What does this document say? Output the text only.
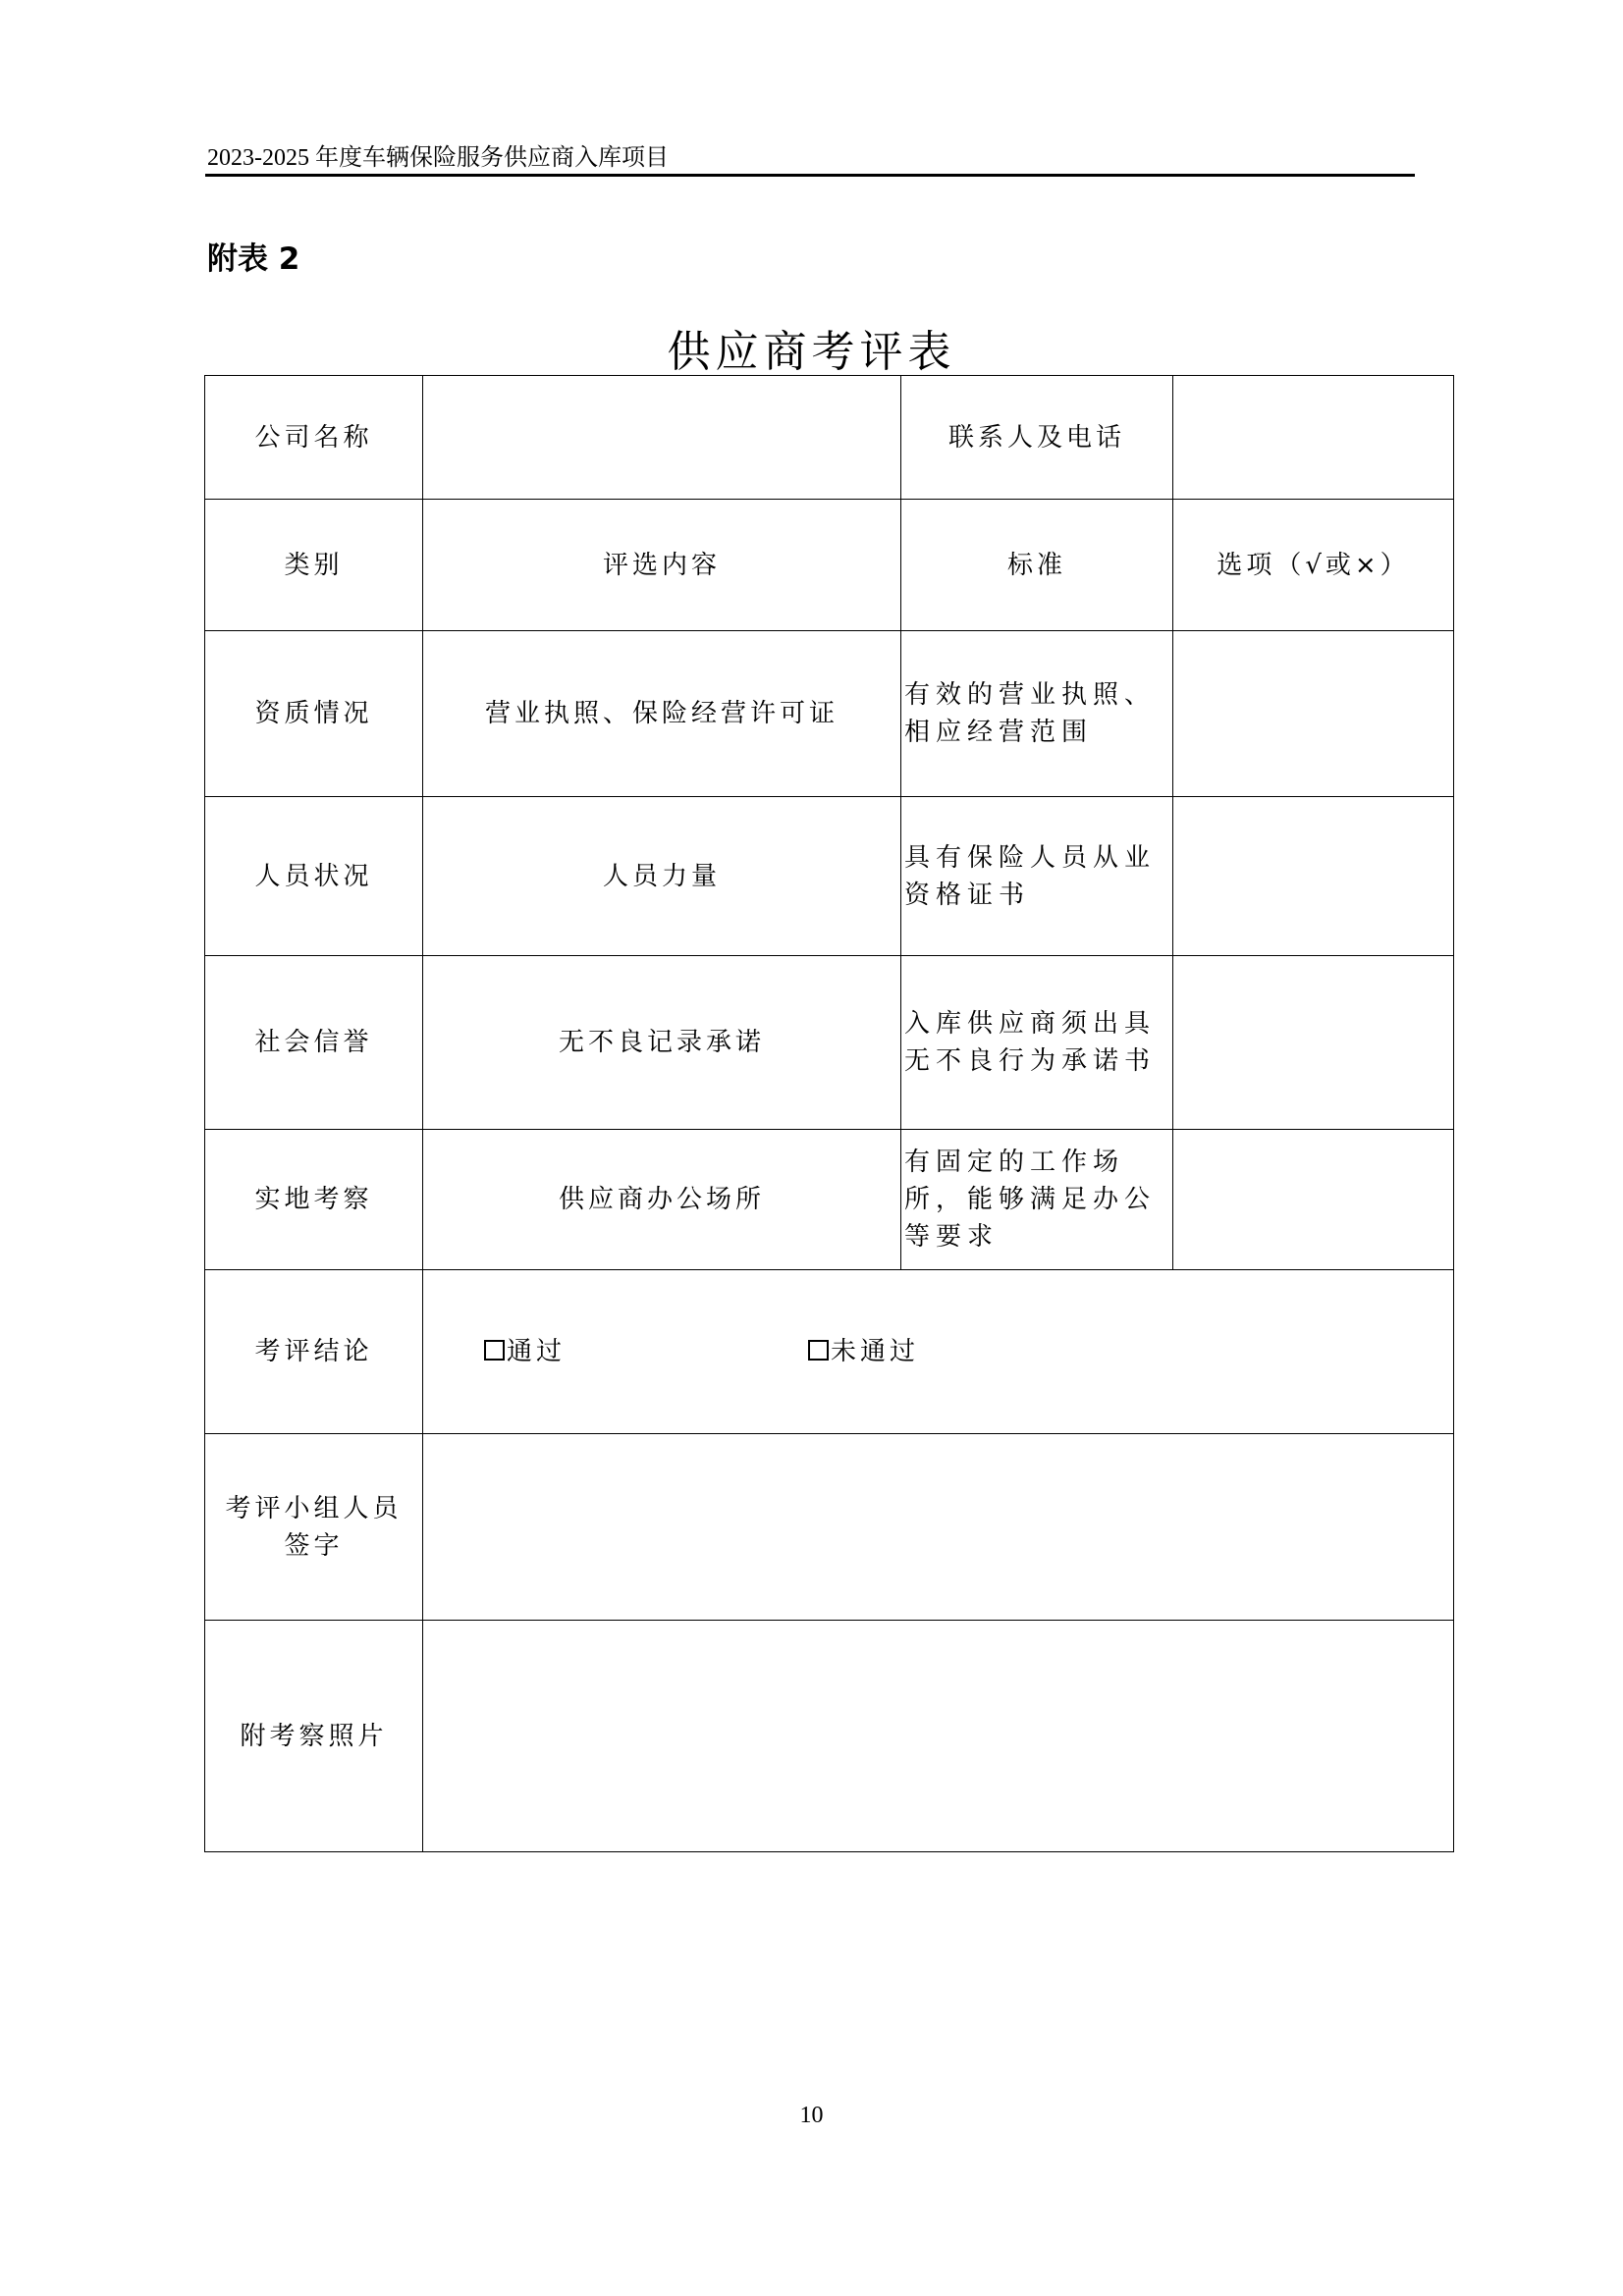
2023-2025 年度车辆保险服务供应商入库项目
附表 2
供应商考评表
公司名称		联系人及电话	
类别	评选内容	标准	选项（√或×）
资质情况	营业执照、保险经营许可证	有效的营业执照、相应经营范围	
人员状况	人员力量	具有保险人员从业资格证书	
社会信誉	无不良记录承诺	入库供应商须出具无不良行为承诺书	
实地考察	供应商办公场所	有固定的工作场所，能够满足办公等要求	
考评结论	通过 未通过		

考评小组人员
签字			
附考察照片			
10
